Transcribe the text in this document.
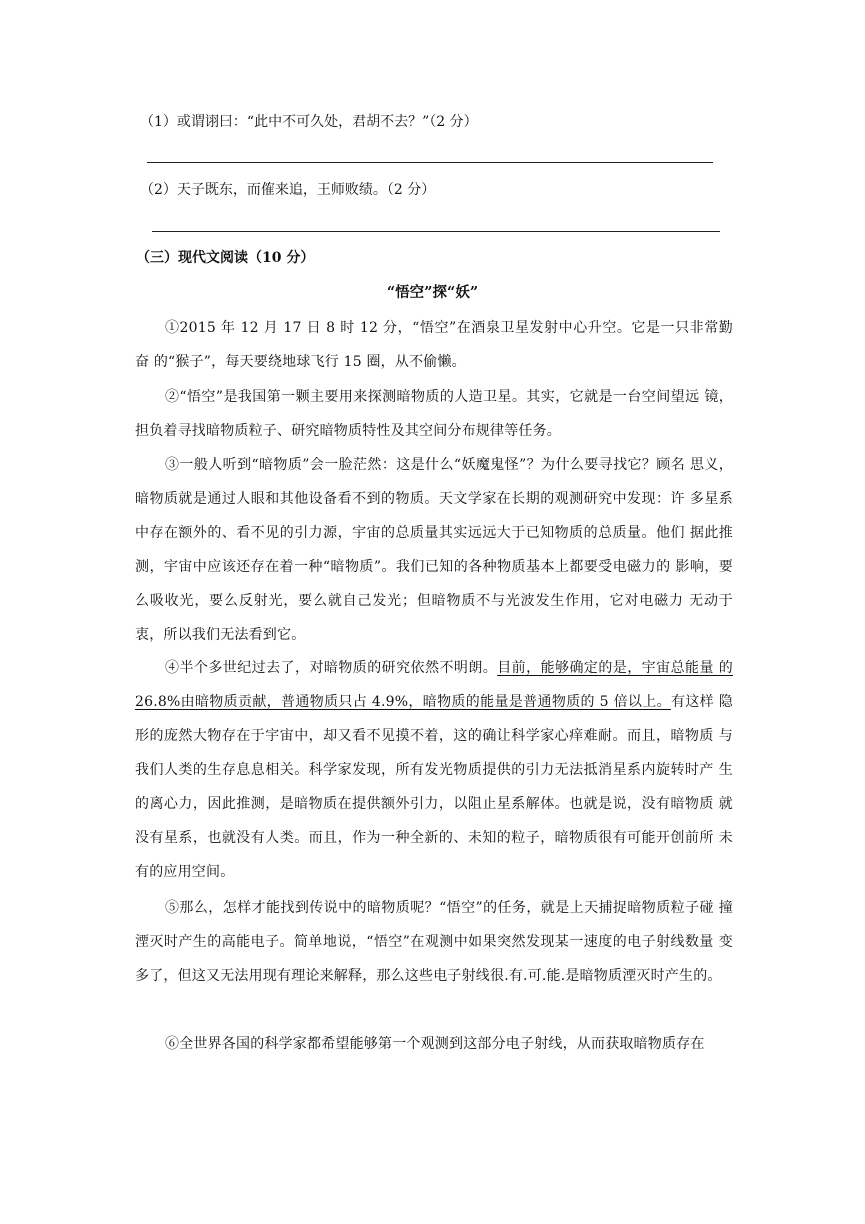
（1）或谓诩曰：“此中不可久处，君胡不去？”（2 分）
（2）天子既东，而傕来追，王师败绩。（2 分）
（三）现代文阅读（10 分）
“悟空”探“妖”
①2015 年 12 月 17 日 8 时 12 分，“悟空”在酒泉卫星发射中心升空。它是一只非常勤奋 的“猴子”，每天要绕地球飞行 15 圈，从不偷懒。
②“悟空”是我国第一颗主要用来探测暗物质的人造卫星。其实，它就是一台空间望远 镜，担负着寻找暗物质粒子、研究暗物质特性及其空间分布规律等任务。
③一般人听到“暗物质”会一脸茫然：这是什么“妖魔鬼怪”？为什么要寻找它？顾名 思义，暗物质就是通过人眼和其他设备看不到的物质。天文学家在长期的观测研究中发现：许 多星系中存在额外的、看不见的引力源，宇宙的总质量其实远远大于已知物质的总质量。他们 据此推测，宇宙中应该还存在着一种“暗物质”。我们已知的各种物质基本上都要受电磁力的 影响，要么吸收光，要么反射光，要么就自己发光；但暗物质不与光波发生作用，它对电磁力 无动于衷，所以我们无法看到它。
④半个多世纪过去了，对暗物质的研究依然不明朗。目前，能够确定的是，宇宙总能量 的 26.8%由暗物质贡献，普通物质只占 4.9%，暗物质的能量是普通物质的 5 倍以上。有这样 隐形的庞然大物存在于宇宙中，却又看不见摸不着，这的确让科学家心痒难耐。而且，暗物质 与我们人类的生存息息相关。科学家发现，所有发光物质提供的引力无法抵消星系内旋转时产 生的离心力，因此推测，是暗物质在提供额外引力，以阻止星系解体。也就是说，没有暗物质 就没有星系，也就没有人类。而且，作为一种全新的、未知的粒子，暗物质很有可能开创前所 未有的应用空间。
⑤那么，怎样才能找到传说中的暗物质呢？“悟空”的任务，就是上天捕捉暗物质粒子碰 撞湮灭时产生的高能电子。简单地说，“悟空”在观测中如果突然发现某一速度的电子射线数量 变多了，但这又无法用现有理论来解释，那么这些电子射线很.有.可.能.是暗物质湮灭时产生的。
⑥全世界各国的科学家都希望能够第一个观测到这部分电子射线，从而获取暗物质存在
